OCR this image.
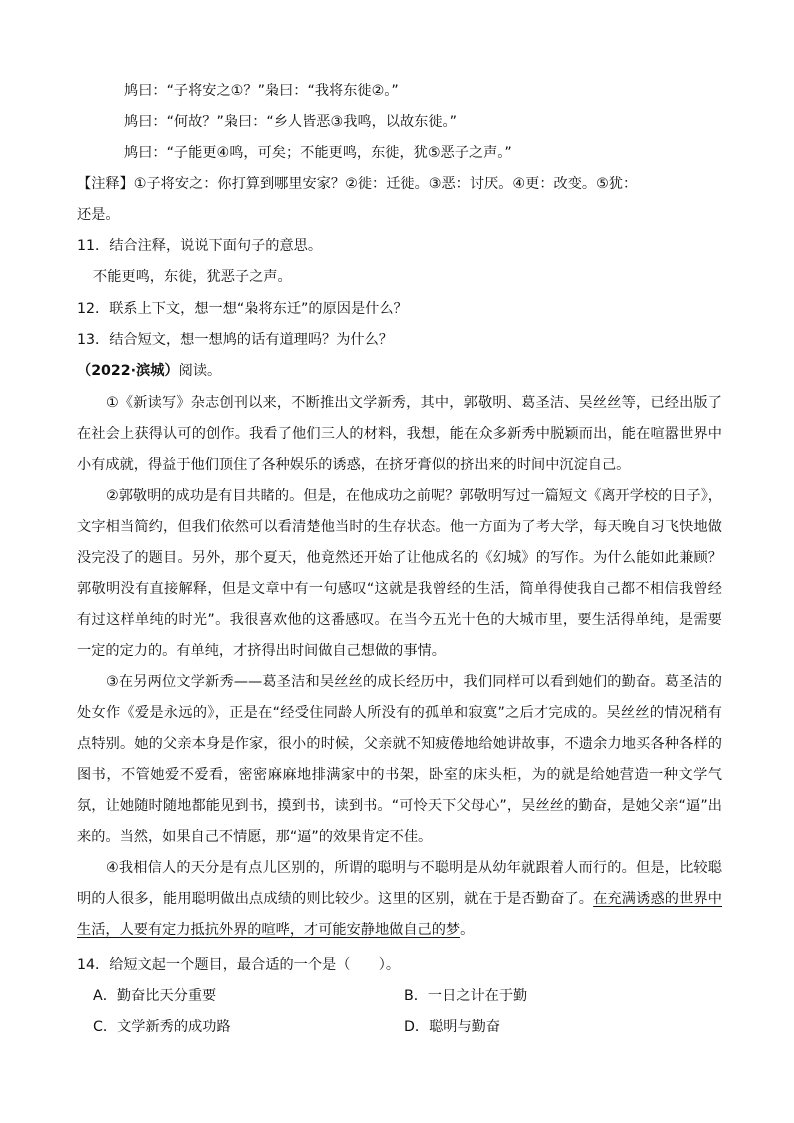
鸠曰：“子将安之①？”枭曰：“我将东徙②。”
鸠曰：“何故？”枭曰：“乡人皆恶③我鸣，以故东徙。”
鸠曰：“子能更④鸣，可矣；不能更鸣，东徙，犹⑤恶子之声。”
【注释】①子将安之：你打算到哪里安家？②徙：迁徙。③恶：讨厌。④更：改变。⑤犹：
还是。
11．结合注释，说说下面句子的意思。
不能更鸣，东徙，犹恶子之声。
12．联系上下文，想一想“枭将东迁”的原因是什么？
13．结合短文，想一想鸠的话有道理吗？为什么？
（2022·滨城）阅读。
①《新读写》杂志创刊以来，不断推出文学新秀，其中，郭敬明、葛圣洁、吴丝丝等，已经出版了在社会上获得认可的创作。我看了他们三人的材料，我想，能在众多新秀中脱颖而出，能在喧嚣世界中小有成就，得益于他们顶住了各种娱乐的诱惑，在挤牙膏似的挤出来的时间中沉淀自己。
②郭敬明的成功是有目共睹的。但是，在他成功之前呢？郭敬明写过一篇短文《离开学校的日子》，文字相当简约，但我们依然可以看清楚他当时的生存状态。他一方面为了考大学，每天晚自习飞快地做没完没了的题目。另外，那个夏天，他竟然还开始了让他成名的《幻城》的写作。为什么能如此兼顾？郭敬明没有直接解释，但是文章中有一句感叹“这就是我曾经的生活，简单得使我自己都不相信我曾经有过这样单纯的时光”。我很喜欢他的这番感叹。在当今五光十色的大城市里，要生活得单纯，是需要一定的定力的。有单纯，才挤得出时间做自己想做的事情。
③在另两位文学新秀——葛圣洁和吴丝丝的成长经历中，我们同样可以看到她们的勤奋。葛圣洁的处女作《爱是永远的》，正是在“经受住同龄人所没有的孤单和寂寞”之后才完成的。吴丝丝的情况稍有点特别。她的父亲本身是作家，很小的时候，父亲就不知疲倦地给她讲故事，不遗余力地买各种各样的图书，不管她爱不爱看，密密麻麻地排满家中的书架，卧室的床头柜，为的就是给她营造一种文学气氛，让她随时随地都能见到书，摸到书，读到书。“可怜天下父母心”，吴丝丝的勤奋，是她父亲“逼”出来的。当然，如果自己不情愿，那“逼”的效果肯定不佳。
④我相信人的天分是有点儿区别的，所谓的聪明与不聪明是从幼年就跟着人而行的。但是，比较聪明的人很多，能用聪明做出点成绩的则比较少。这里的区别，就在于是否勤奋了。在充满诱惑的世界中生活，人要有定力抵抗外界的喧哗，才可能安静地做自己的梦。
14．给短文起一个题目，最合适的一个是（　　）。
A．勤奋比天分重要	B．一日之计在于勤
C．文学新秀的成功路	D．聪明与勤奋
